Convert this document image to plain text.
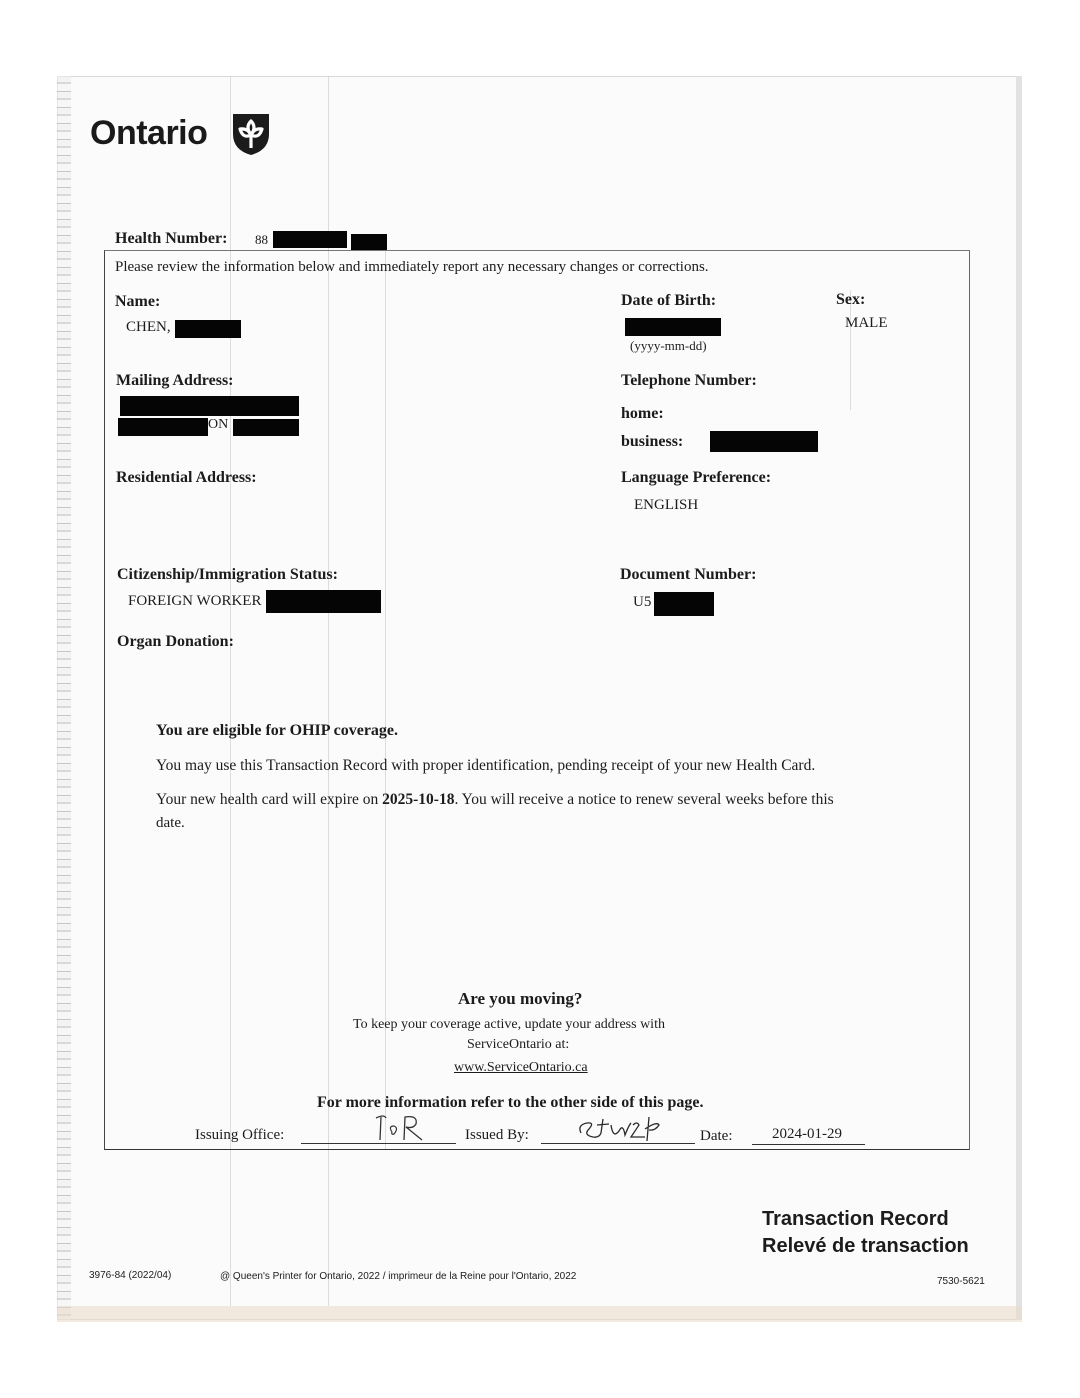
Ontario
Health Number: 88
Please review the information below and immediately report any necessary changes or corrections.
Name:
CHEN,
Date of Birth:
(yyyy-mm-dd)
Sex:
MALE
Mailing Address:
ON
Telephone Number:
home:
business:
Residential Address:	Language Preference:
ENGLISH
Citizenship/Immigration Status:
FOREIGN WORKER
Document Number:
U5
Organ Donation:
You are eligible for OHIP coverage.
You may use this Transaction Record with proper identification, pending receipt of your new Health Card.
Your new health card will expire on 2025-10-18. You will receive a notice to renew several weeks before this
date.
Are you moving?
To keep your coverage active, update your address with
ServiceOntario at:
www.ServiceOntario.ca
For more information refer to the other side of this page.
Issuing Office:	Issued By:	Date:	2024-01-29
Transaction Record
Relevé de transaction
3976-84 (2022/04)	@ Queen's Printer for Ontario, 2022 / imprimeur de la Reine pour l'Ontario, 2022	7530-5621
